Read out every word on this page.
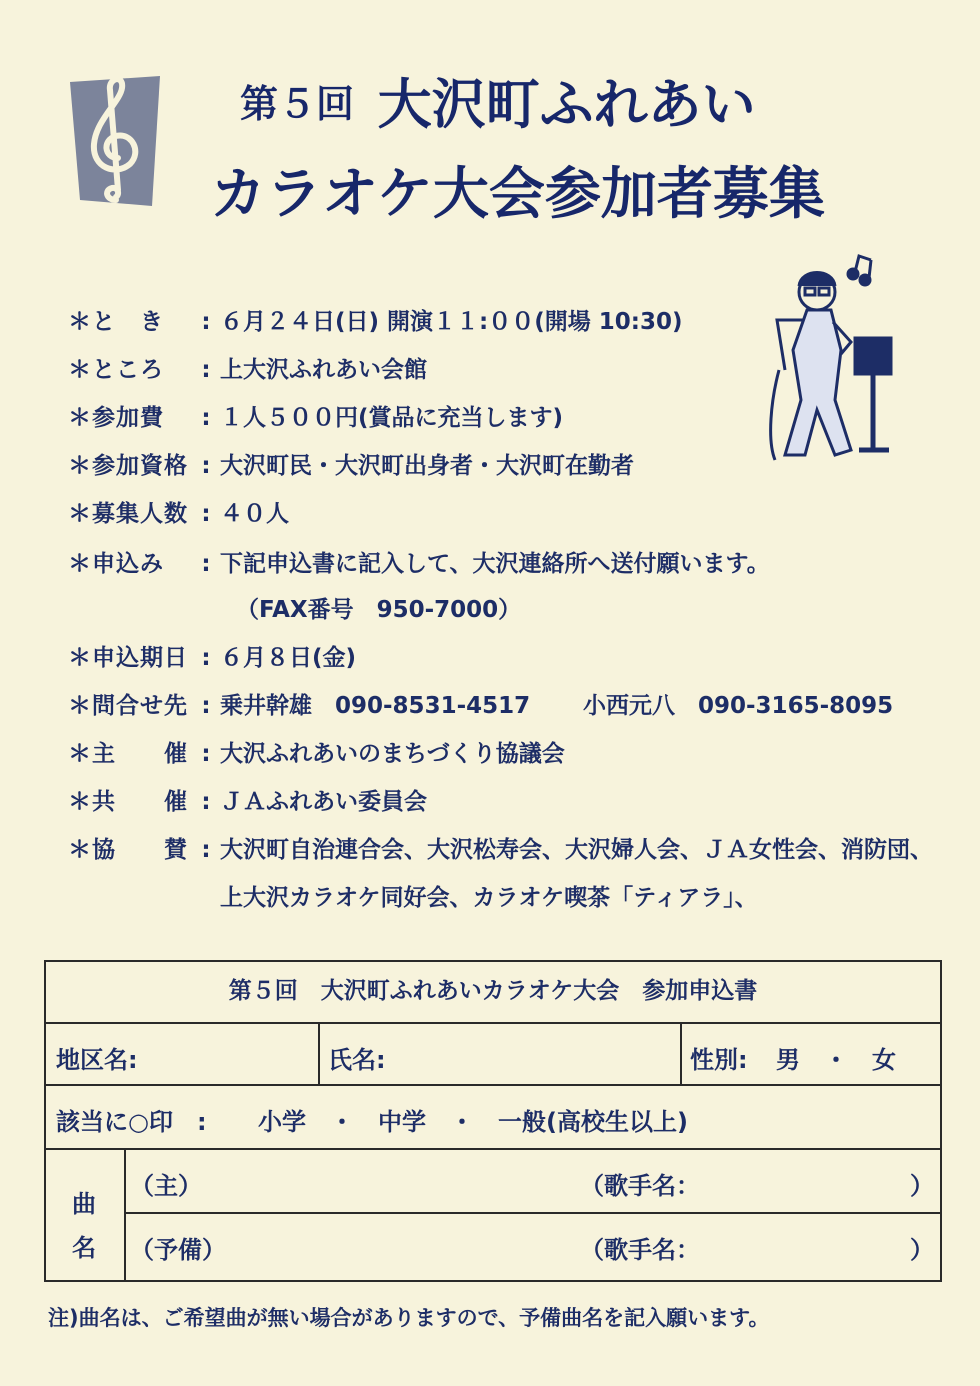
第５回 大沢町ふれあい
カラオケ大会参加者募集
＊と　き	: ６月２４日(日) 開演１１:００(開場 10:30)
＊ところ	: 上大沢ふれあい会館
＊参加費	: １人５００円(賞品に充当します)
＊参加資格 : 大沢町民・大沢町出身者・大沢町在勤者
＊募集人数 : ４０人
＊申込み	: 下記申込書に記入して、大沢連絡所へ送付願います。
（FAX番号　950-7000）
＊申込期日 : ６月８日(金)
＊問合せ先 : 乗井幹雄　090-8531-4517 小西元八　090-3165-8095
＊主　　催 : 大沢ふれあいのまちづくり協議会
＊共　　催 : ＪＡふれあい委員会
＊協　　賛 : 大沢町自治連合会、大沢松寿会、大沢婦人会、ＪＡ女性会、消防団、
上大沢カラオケ同好会、カラオケ喫茶「ティアラ」、
第５回　大沢町ふれあいカラオケ大会　参加申込書
地区名:	氏名:	性別: 男　・　女
該当に○印　: 小学　・　中学　・　一般(高校生以上)
曲
名
（主）	（歌手名：	）
（予備）	（歌手名：	）
注)曲名は、ご希望曲が無い場合がありますので、予備曲名を記入願います。
